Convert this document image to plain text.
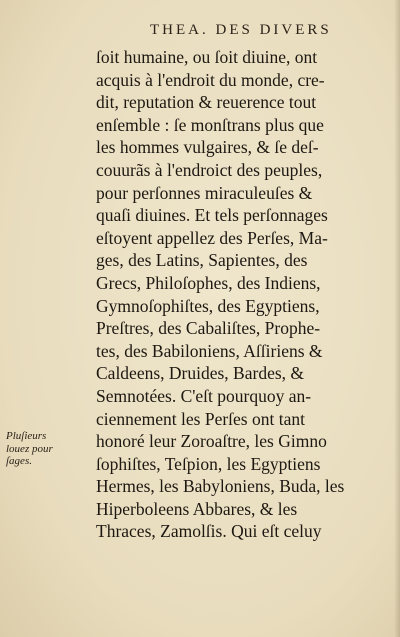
THEA. DES DIVERS
ſoit humaine, ou ſoit diuine, ont
acquis à l'endroit du monde, cre-
dit, reputation & reuerence tout
enſemble : ſe monſtrans plus que
les hommes vulgaires, & ſe deſ-
couurãs à l'endroict des peuples,
pour perſonnes miraculeuſes &
quaſi diuines. Et tels perſonnages
eſtoyent appellez des Perſes, Ma-
ges, des Latins, Sapientes, des
Grecs, Philoſophes, des Indiens,
Gymnoſophiſtes, des Egyptiens,
Preſtres, des Cabaliſtes, Prophe-
tes, des Babiloniens, Aſſiriens &
Caldeens, Druides, Bardes, &
Semnotées. C'eſt pourquoy an-
ciennement les Perſes ont tant
honoré leur Zoroaſtre, les Gimno
ſophiſtes, Teſpion, les Egyptiens
Hermes, les Babyloniens, Buda, les
Hiperboleens Abbares, & les
Thraces, Zamolſis. Qui eſt celuy
Pluſieurs
louez pour
ſages.
